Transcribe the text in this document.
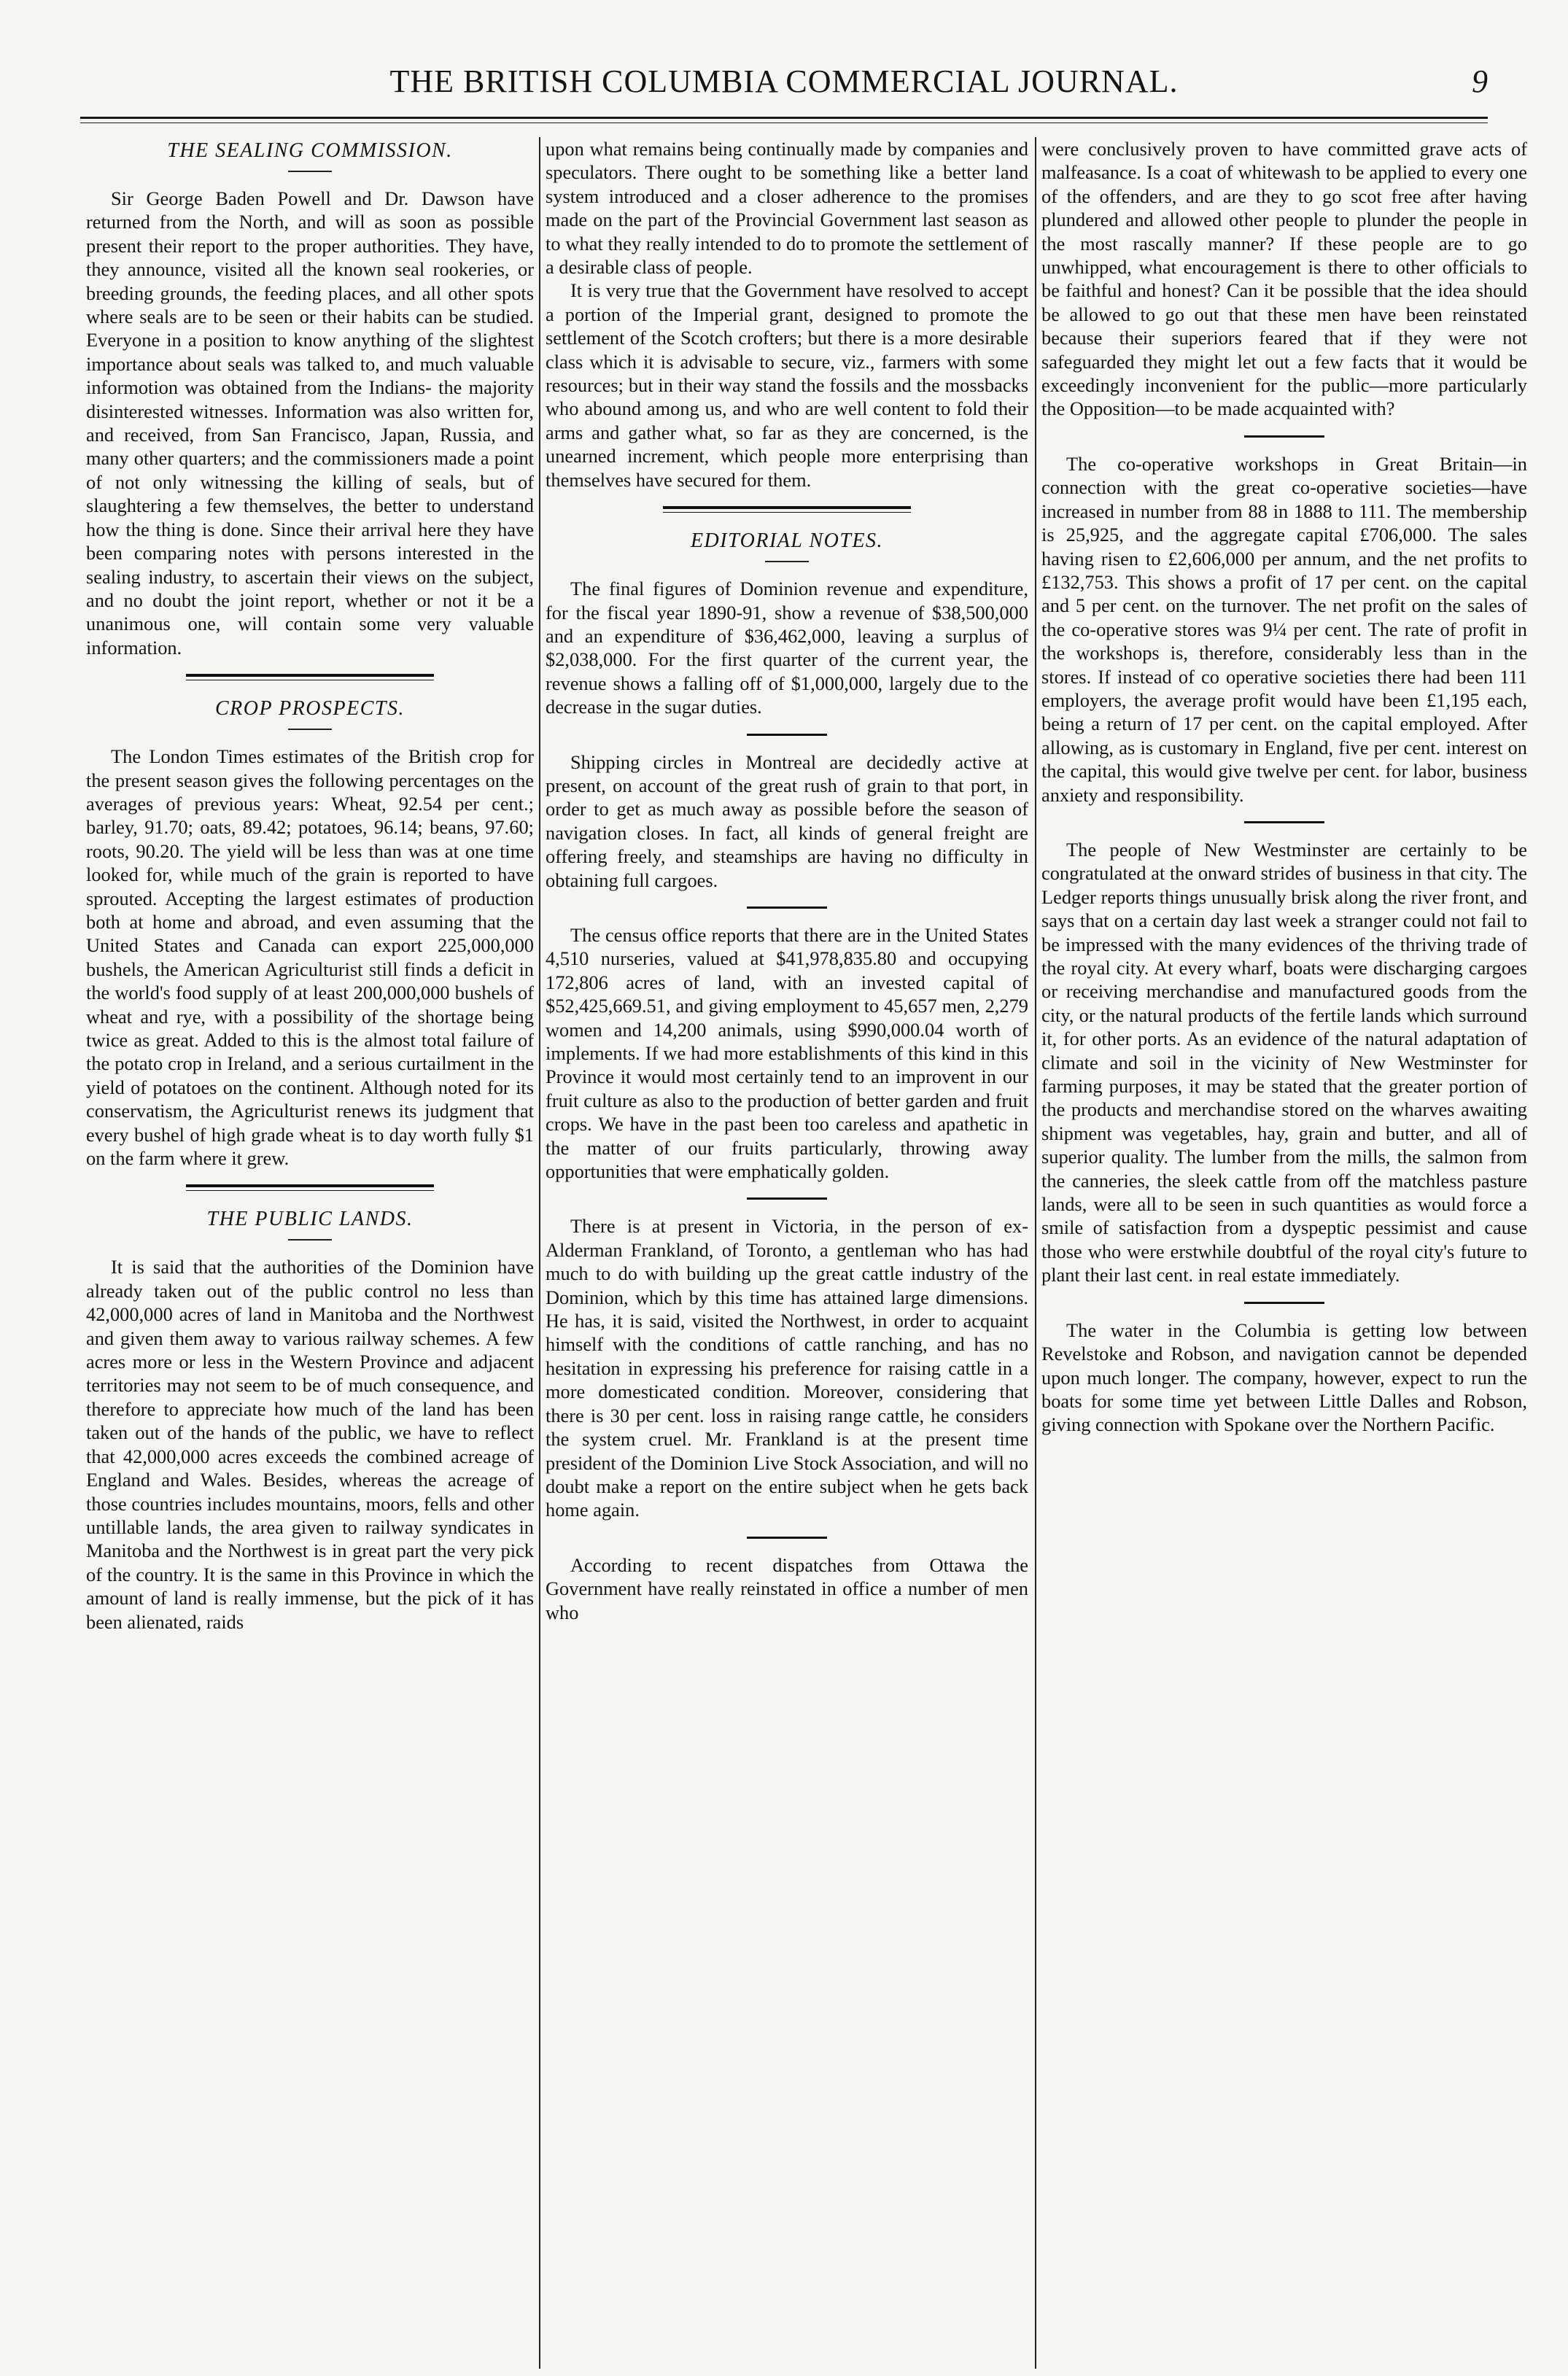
THE BRITISH COLUMBIA COMMERCIAL JOURNAL.	9
THE SEALING COMMISSION.

Sir George Baden Powell and Dr. Dawson have returned from the North, and will as soon as possible present their report to the proper authorities. They have, they announce, visited all the known seal rookeries, or breeding grounds, the feeding places, and all other spots where seals are to be seen or their habits can be studied. Everyone in a position to know anything of the slightest importance about seals was talked to, and much valuable informotion was obtained from the Indians- the majority disinterested witnesses. Information was also written for, and received, from San Francisco, Japan, Russia, and many other quarters; and the commissioners made a point of not only witnessing the killing of seals, but of slaughtering a few themselves, the better to understand how the thing is done. Since their arrival here they have been comparing notes with persons interested in the sealing industry, to ascertain their views on the subject, and no doubt the joint report, whether or not it be a unanimous one, will contain some very valuable information.

CROP PROSPECTS.

The London Times estimates of the British crop for the present season gives the following percentages on the averages of previous years: Wheat, 92.54 per cent.; barley, 91.70; oats, 89.42; potatoes, 96.14; beans, 97.60; roots, 90.20. The yield will be less than was at one time looked for, while much of the grain is reported to have sprouted. Accepting the largest estimates of production both at home and abroad, and even assuming that the United States and Canada can export 225,000,000 bushels, the American Agriculturist still finds a deficit in the world's food supply of at least 200,000,000 bushels of wheat and rye, with a possibility of the shortage being twice as great. Added to this is the almost total failure of the potato crop in Ireland, and a serious curtailment in the yield of potatoes on the continent. Although noted for its conservatism, the Agriculturist renews its judgment that every bushel of high grade wheat is to day worth fully $1 on the farm where it grew.

THE PUBLIC LANDS.

It is said that the authorities of the Dominion have already taken out of the public control no less than 42,000,000 acres of land in Manitoba and the Northwest and given them away to various railway schemes. A few acres more or less in the Western Province and adjacent territories may not seem to be of much consequence, and therefore to appreciate how much of the land has been taken out of the hands of the public, we have to reflect that 42,000,000 acres exceeds the combined acreage of England and Wales. Besides, whereas the acreage of those countries includes mountains, moors, fells and other untillable lands, the area given to railway syndicates in Manitoba and the Northwest is in great part the very pick of the country. It is the same in this Province in which the amount of land is really immense, but the pick of it has been alienated, raids

upon what remains being continually made by companies and speculators. There ought to be something like a better land system introduced and a closer adherence to the promises made on the part of the Provincial Government last season as to what they really intended to do to promote the settlement of a desirable class of people.

It is very true that the Government have resolved to accept a portion of the Imperial grant, designed to promote the settlement of the Scotch crofters; but there is a more desirable class which it is advisable to secure, viz., farmers with some resources; but in their way stand the fossils and the mossbacks who abound among us, and who are well content to fold their arms and gather what, so far as they are concerned, is the unearned increment, which people more enterprising than themselves have secured for them.

EDITORIAL NOTES.

The final figures of Dominion revenue and expenditure, for the fiscal year 1890-91, show a revenue of $38,500,000 and an expenditure of $36,462,000, leaving a surplus of $2,038,000. For the first quarter of the current year, the revenue shows a falling off of $1,000,000, largely due to the decrease in the sugar duties.

Shipping circles in Montreal are decidedly active at present, on account of the great rush of grain to that port, in order to get as much away as possible before the season of navigation closes. In fact, all kinds of general freight are offering freely, and steamships are having no difficulty in obtaining full cargoes.

The census office reports that there are in the United States 4,510 nurseries, valued at $41,978,835.80 and occupying 172,806 acres of land, with an invested capital of $52,425,669.51, and giving employment to 45,657 men, 2,279 women and 14,200 animals, using $990,000.04 worth of implements. If we had more establishments of this kind in this Province it would most certainly tend to an improvent in our fruit culture as also to the production of better garden and fruit crops. We have in the past been too careless and apathetic in the matter of our fruits particularly, throwing away opportunities that were emphatically golden.

There is at present in Victoria, in the person of ex-Alderman Frankland, of Toronto, a gentleman who has had much to do with building up the great cattle industry of the Dominion, which by this time has attained large dimensions. He has, it is said, visited the Northwest, in order to acquaint himself with the conditions of cattle ranching, and has no hesitation in expressing his preference for raising cattle in a more domesticated condition. Moreover, considering that there is 30 per cent. loss in raising range cattle, he considers the system cruel. Mr. Frankland is at the present time president of the Dominion Live Stock Association, and will no doubt make a report on the entire subject when he gets back home again.

According to recent dispatches from Ottawa the Government have really reinstated in office a number of men who

were conclusively proven to have committed grave acts of malfeasance. Is a coat of whitewash to be applied to every one of the offenders, and are they to go scot free after having plundered and allowed other people to plunder the people in the most rascally manner? If these people are to go unwhipped, what encouragement is there to other officials to be faithful and honest? Can it be possible that the idea should be allowed to go out that these men have been reinstated because their superiors feared that if they were not safeguarded they might let out a few facts that it would be exceedingly inconvenient for the public—more particularly the Opposition—to be made acquainted with?

The co-operative workshops in Great Britain—in connection with the great co-operative societies—have increased in number from 88 in 1888 to 111. The membership is 25,925, and the aggregate capital £706,000. The sales having risen to £2,606,000 per annum, and the net profits to £132,753. This shows a profit of 17 per cent. on the capital and 5 per cent. on the turnover. The net profit on the sales of the co-operative stores was 9¼ per cent. The rate of profit in the workshops is, therefore, considerably less than in the stores. If instead of co operative societies there had been 111 employers, the average profit would have been £1,195 each, being a return of 17 per cent. on the capital employed. After allowing, as is customary in England, five per cent. interest on the capital, this would give twelve per cent. for labor, business anxiety and responsibility.

The people of New Westminster are certainly to be congratulated at the onward strides of business in that city. The Ledger reports things unusually brisk along the river front, and says that on a certain day last week a stranger could not fail to be impressed with the many evidences of the thriving trade of the royal city. At every wharf, boats were discharging cargoes or receiving merchandise and manufactured goods from the city, or the natural products of the fertile lands which surround it, for other ports. As an evidence of the natural adaptation of climate and soil in the vicinity of New Westminster for farming purposes, it may be stated that the greater portion of the products and merchandise stored on the wharves awaiting shipment was vegetables, hay, grain and butter, and all of superior quality. The lumber from the mills, the salmon from the canneries, the sleek cattle from off the matchless pasture lands, were all to be seen in such quantities as would force a smile of satisfaction from a dyspeptic pessimist and cause those who were erstwhile doubtful of the royal city's future to plant their last cent. in real estate immediately.

The water in the Columbia is getting low between Revelstoke and Robson, and navigation cannot be depended upon much longer. The company, however, expect to run the boats for some time yet between Little Dalles and Robson, giving connection with Spokane over the Northern Pacific.
